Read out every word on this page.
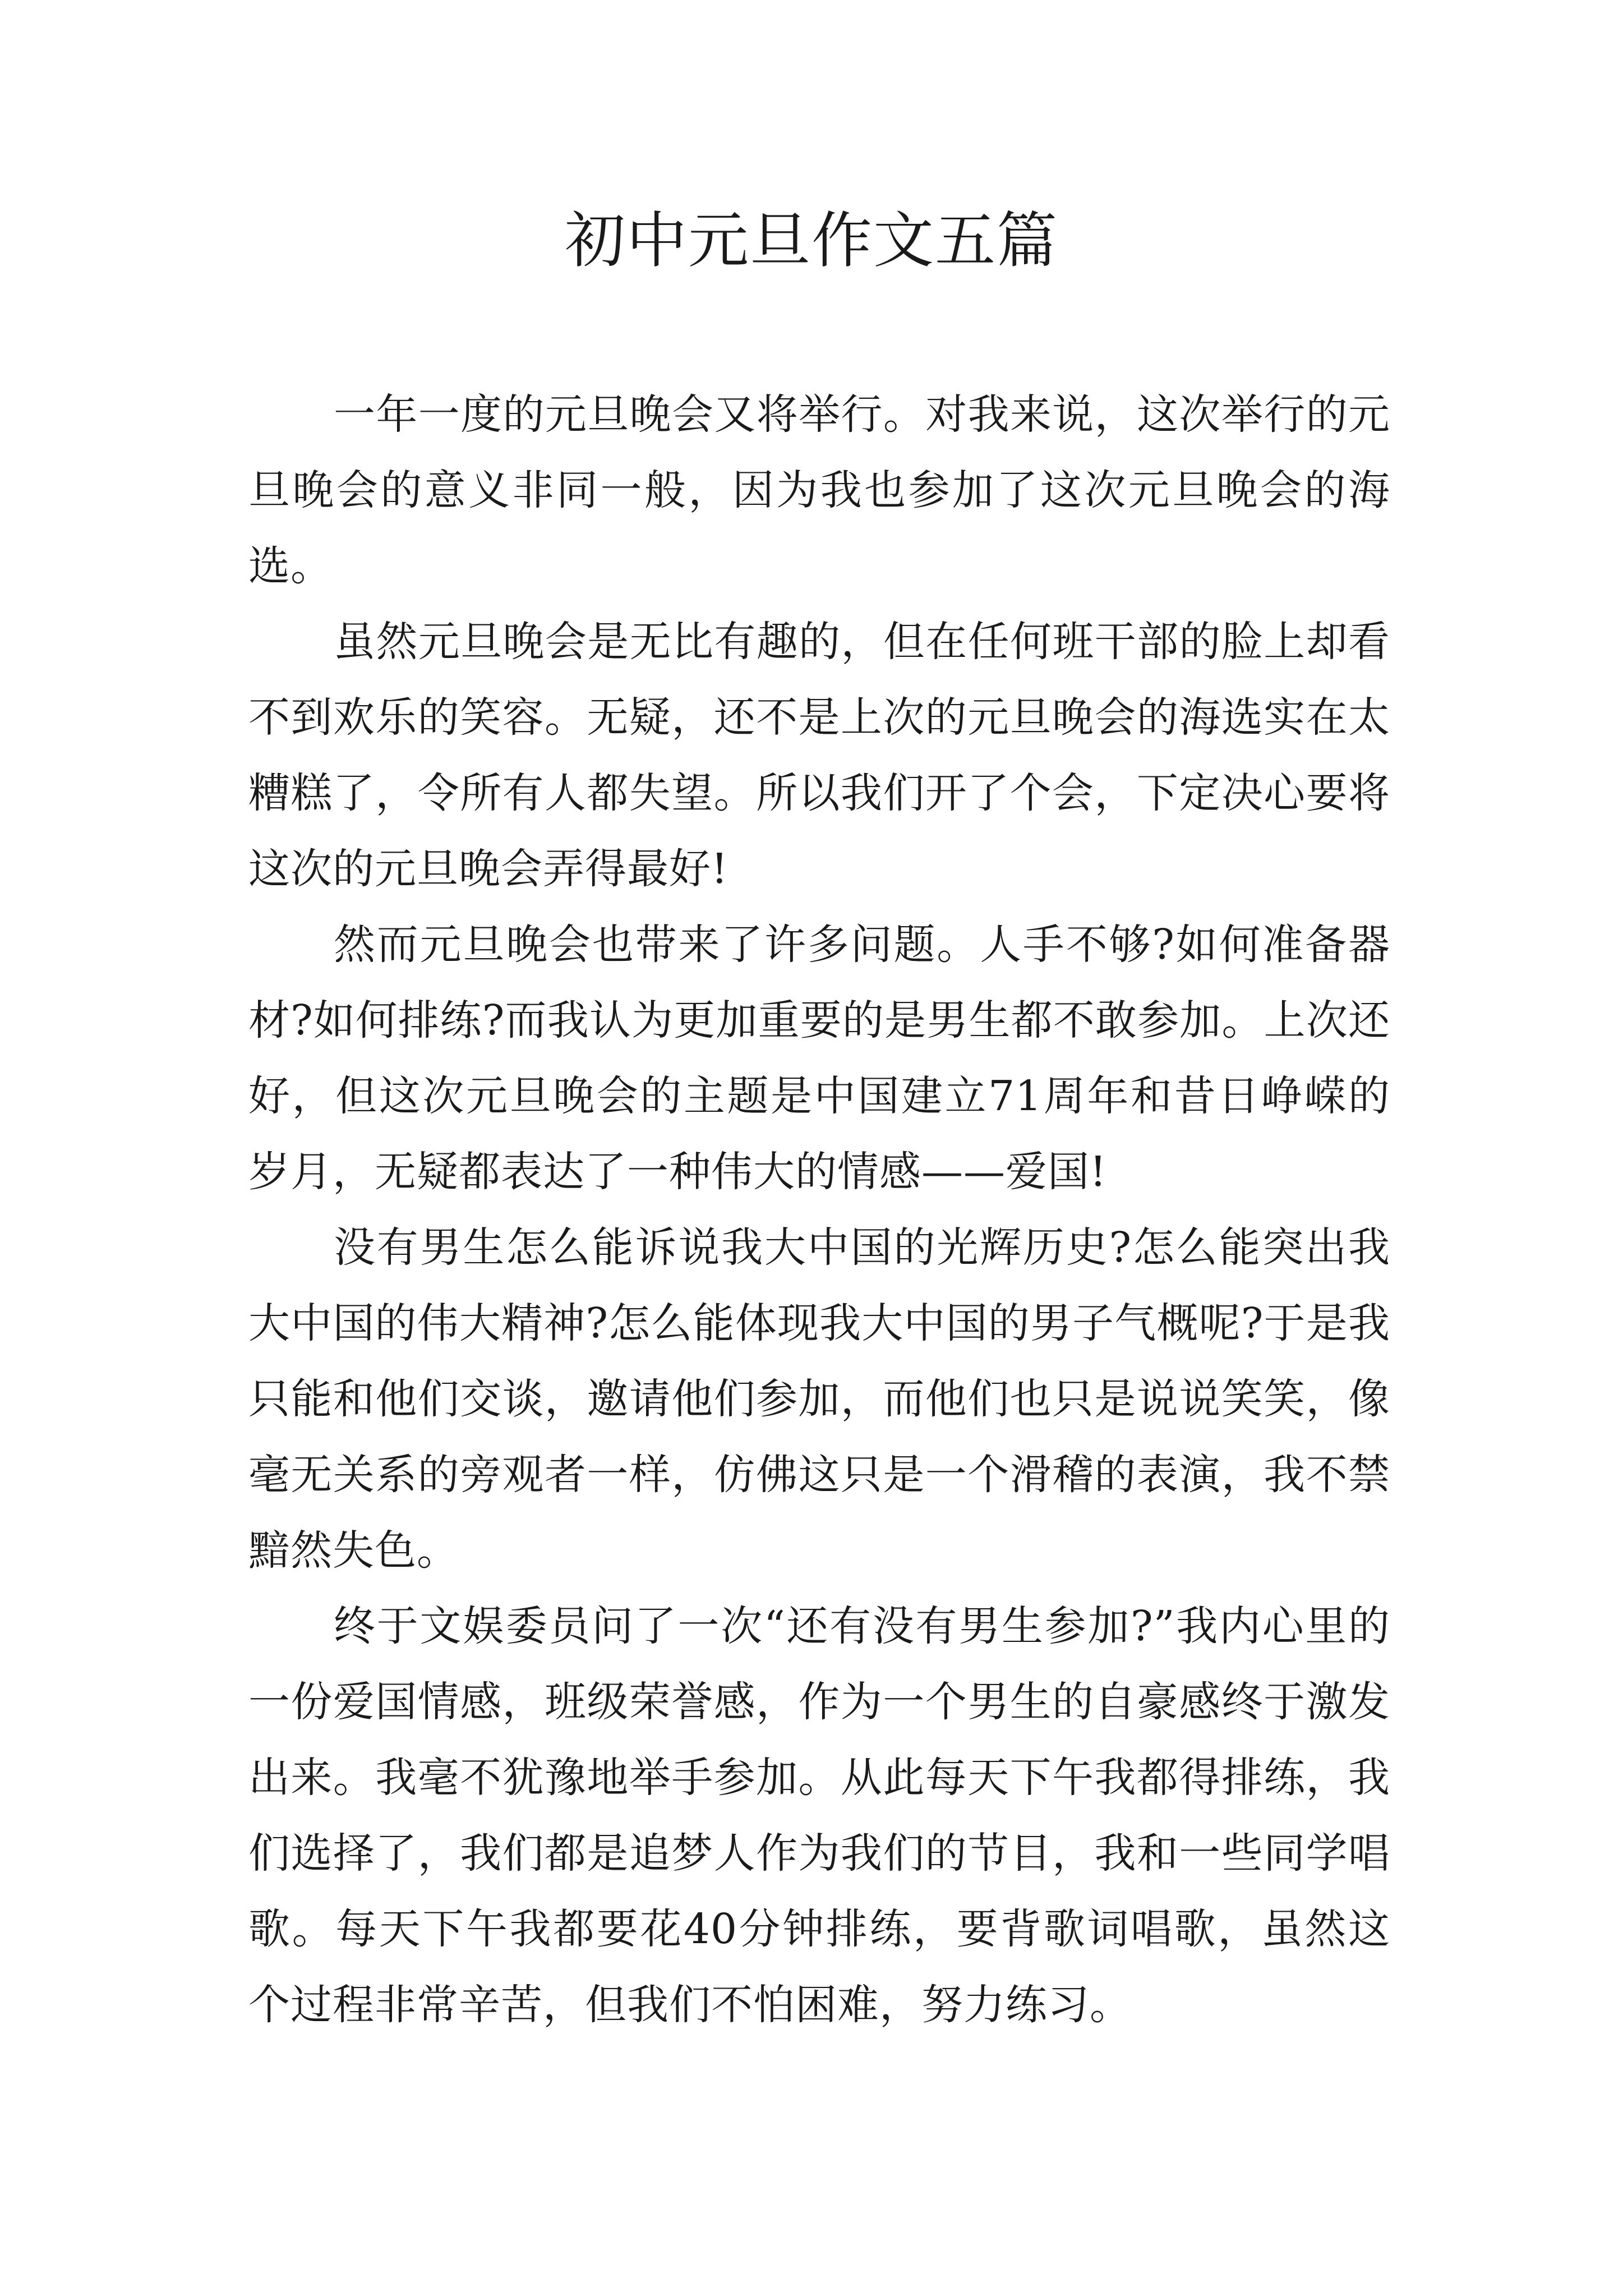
初中元旦作文五篇

一年一度的元旦晚会又将举行。对我来说，这次举行的元旦晚会的意义非同一般，因为我也参加了这次元旦晚会的海选。

虽然元旦晚会是无比有趣的，但在任何班干部的脸上却看不到欢乐的笑容。无疑，还不是上次的元旦晚会的海选实在太糟糕了，令所有人都失望。所以我们开了个会，下定决心要将这次的元旦晚会弄得最好!

然而元旦晚会也带来了许多问题。人手不够?如何准备器材?如何排练?而我认为更加重要的是男生都不敢参加。上次还好，但这次元旦晚会的主题是中国建立71周年和昔日峥嵘的岁月，无疑都表达了一种伟大的情感——爱国!

没有男生怎么能诉说我大中国的光辉历史?怎么能突出我大中国的伟大精神?怎么能体现我大中国的男子气概呢?于是我只能和他们交谈，邀请他们参加，而他们也只是说说笑笑，像毫无关系的旁观者一样，仿佛这只是一个滑稽的表演，我不禁黯然失色。

终于文娱委员问了一次“还有没有男生参加?”我内心里的一份爱国情感，班级荣誉感，作为一个男生的自豪感终于激发出来。我毫不犹豫地举手参加。从此每天下午我都得排练，我们选择了，我们都是追梦人作为我们的节目，我和一些同学唱歌。每天下午我都要花40分钟排练，要背歌词唱歌，虽然这个过程非常辛苦，但我们不怕困难，努力练习。
